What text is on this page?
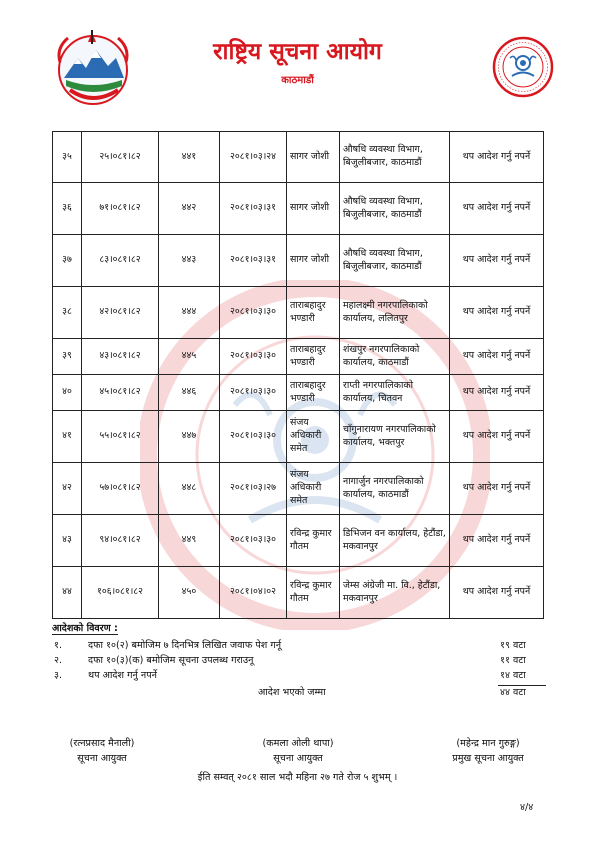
राष्ट्रिय सूचना आयोग
काठमाडौं
३५	२५।०८१।८२	४४१	२०८१।०३।२४	सागर जोशी	औषधि व्यवस्था विभाग, बिजुलीबजार, काठमाडौं	थप आदेश गर्नु नपर्ने
३६	७१।०८१।८२	४४२	२०८१।०३।३१	सागर जोशी	औषधि व्यवस्था विभाग, बिजुलीबजार, काठमाडौं	थप आदेश गर्नु नपर्ने
३७	८३।०८१।८२	४४३	२०८१।०३।३१	सागर जोशी	औषधि व्यवस्था विभाग, बिजुलीबजार, काठमाडौं	थप आदेश गर्नु नपर्ने
३८	४२।०८१।८२	४४४	२०८१।०३।३०	ताराबहादुर भण्डारी	महालक्ष्मी नगरपालिकाको कार्यालय, ललितपुर	थप आदेश गर्नु नपर्ने
३९	४३।०८१।८२	४४५	२०८१।०३।३०	ताराबहादुर भण्डारी	शंखपुर नगरपालिकाको कार्यालय, काठमाडौं	थप आदेश गर्नु नपर्ने
४०	४५।०८१।८२	४४६	२०८१।०३।३०	ताराबहादुर भण्डारी	राप्ती नगरपालिकाको कार्यालय, चितवन	थप आदेश गर्नु नपर्ने
४१	५५।०८१।८२	४४७	२०८१।०३।३०	संजय अधिकारी समेत	चाँगुनारायण नगरपालिकाको कार्यालय, भक्तपुर	थप आदेश गर्नु नपर्ने
४२	५७।०८१।८२	४४८	२०८१।०३।२७	संजय अधिकारी समेत	नागार्जुन नगरपालिकाको कार्यालय, काठमाडौं	थप आदेश गर्नु नपर्ने
४३	९४।०८१।८२	४४९	२०८१।०३।३०	रविन्द्र कुमार गौतम	डिभिजन वन कार्यालय, हेटौंडा, मकवानपुर	थप आदेश गर्नु नपर्ने
४४	१०६।०८१।८२	४५०	२०८१।०४।०२	रविन्द्र कुमार गौतम	जेम्स अंग्रेजी मा. वि., हेटौंडा, मकवानपुर	थप आदेश गर्नु नपर्ने
आदेशको विवरण :
१.	दफा १०(२) बमोजिम ७ दिनभित्र लिखित जवाफ पेश गर्नू	१९ वटा
२.	दफा १०(३)(क) बमोजिम सूचना उपलब्ध गराउनू	११ वटा
३.	थप आदेश गर्नु नपर्ने	१४ वटा
आदेश भएको जम्मा	४४ वटा
(रत्नप्रसाद मैनाली)
सूचना आयुक्त
(कमला ओली थापा)
सूचना आयुक्त
(महेन्द्र मान गुरुङ्ग)
प्रमुख सूचना आयुक्त
ईति सम्वत् २०८१ साल भदौ महिना २७ गते रोज ५ शुभम् ।
४/४
